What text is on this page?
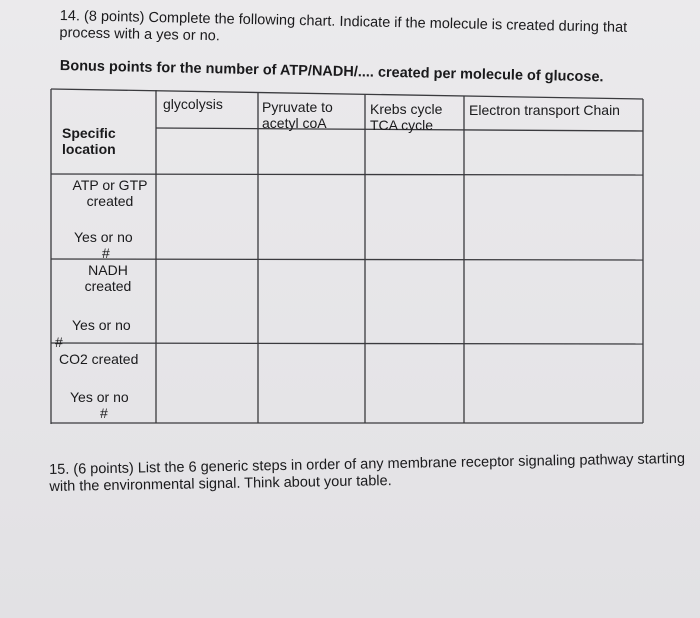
14. (8 points) Complete the following chart. Indicate if the molecule is created during that process with a yes or no.
Bonus points for the number of ATP/NADH/.... created per molecule of glucose.
glycolysis	Pyruvate to acetyl coA
Krebs cycle TCA cycle
Electron transport Chain
Specific location
ATP or GTP created
Yes or no
#
NADH created
Yes or no
#
CO2 created
Yes or no
#
15. (6 points) List the 6 generic steps in order of any membrane receptor signaling pathway starting with the environmental signal. Think about your table.
